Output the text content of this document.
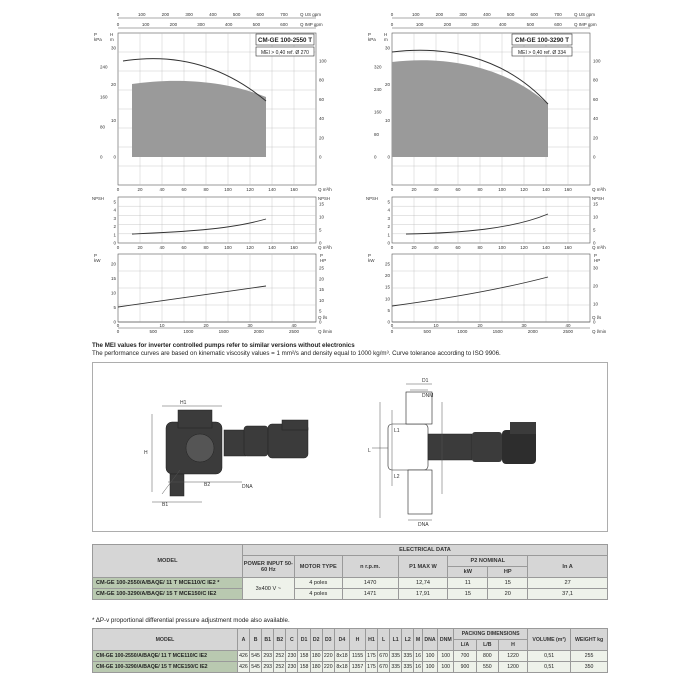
0	100	200	300	400	500	600	700
0	100	200	300	400	500	600
Q US gpm
Q IMP gpm
CM-GE 100-2550 T
MEI > 0,40 ref. Ø 270
P
kPa
H
m
0
80
160
240
0
10
20
30
0
20
40
60
80
100
0	20	40	60	80	100	120	140	160
0	20	40	60	80	100	120	140	160
0	10	20	30	40
0	500	1000	1500	2000	2500
Q m³/h
Q m³/h
Q l/s
Q l/min
NPSH	NPSH
0
1
2
3
4
5
0
5
10
15
P
kW
P
HP
0
5
10
15
20
0
5
10
15
20
25
0	100	200	300	400	500	600	700
0	100	200	300	400	500	600
Q US gpm
Q IMP gpm
CM-GE 100-3290 T
MEI > 0,40 ref. Ø 334
P
kPa
H
m
0
80
160
240
320
0
10
20
30
0
20
40
60
80
100
0	20	40	60	80	100	120	140	160
0	20	40	60	80	100	120	140	160
0	10	20	30	40
0	500	1000	1500	2000	2500
Q m³/h
Q m³/h
Q l/s
Q l/min
NPSH	NPSH
0
1
2
3
4
5
0
5
10
15
P
kW
P
HP
0
5
10
15
20
25
0
10
20
30
The MEI values for inverter controlled pumps refer to similar versions without electronics
The performance curves are based on kinematic viscosity values = 1 mm²/s and density equal to 1000 kg/m³. Curve tolerance according to ISO 9906.
H1
H
B2
B1
DNA
L
L1
L2
D1
DNM
DNA
MODEL	ELECTRICAL DATA						
	POWER INPUT 50-60 Hz	MOTOR TYPE	n r.p.m.	P1 MAX W	P2 NOMINAL		In A
					kW	HP	
CM-GE 100-2550/A/BAQE/ 11 T MCE110/C IE2 *	3x400 V ~	4 poles	1470	12,74	11	15	27
CM-GE 100-3290/A/BAQE/ 15 T MCE150/C IE2		4 poles	1471	17,91	15	20	37,1
* ΔP-v proportional differential pressure adjustment mode also available.
MODEL	A	B	B1	B2	C	D1	D2	D3	D4	H	H1	L	L1	L2	M	DNA	DNM	PACKING DIMENSIONS			VOLUME (m³)	WEIGHT kg
																		L/A	L/B	H		
CM-GE 100-2550/A/BAQE/ 11 T MCE110/C IE2	426	545	293	252	230	158	180	220	8x18	1155	175	670	335	335	16	100	100	700	800	1220	0,51	255
CM-GE 100-3290/A/BAQE/ 15 T MCE150/C IE2	426	545	293	252	230	158	180	220	8x18	1357	175	670	335	335	16	100	100	900	550	1200	0,51	350
